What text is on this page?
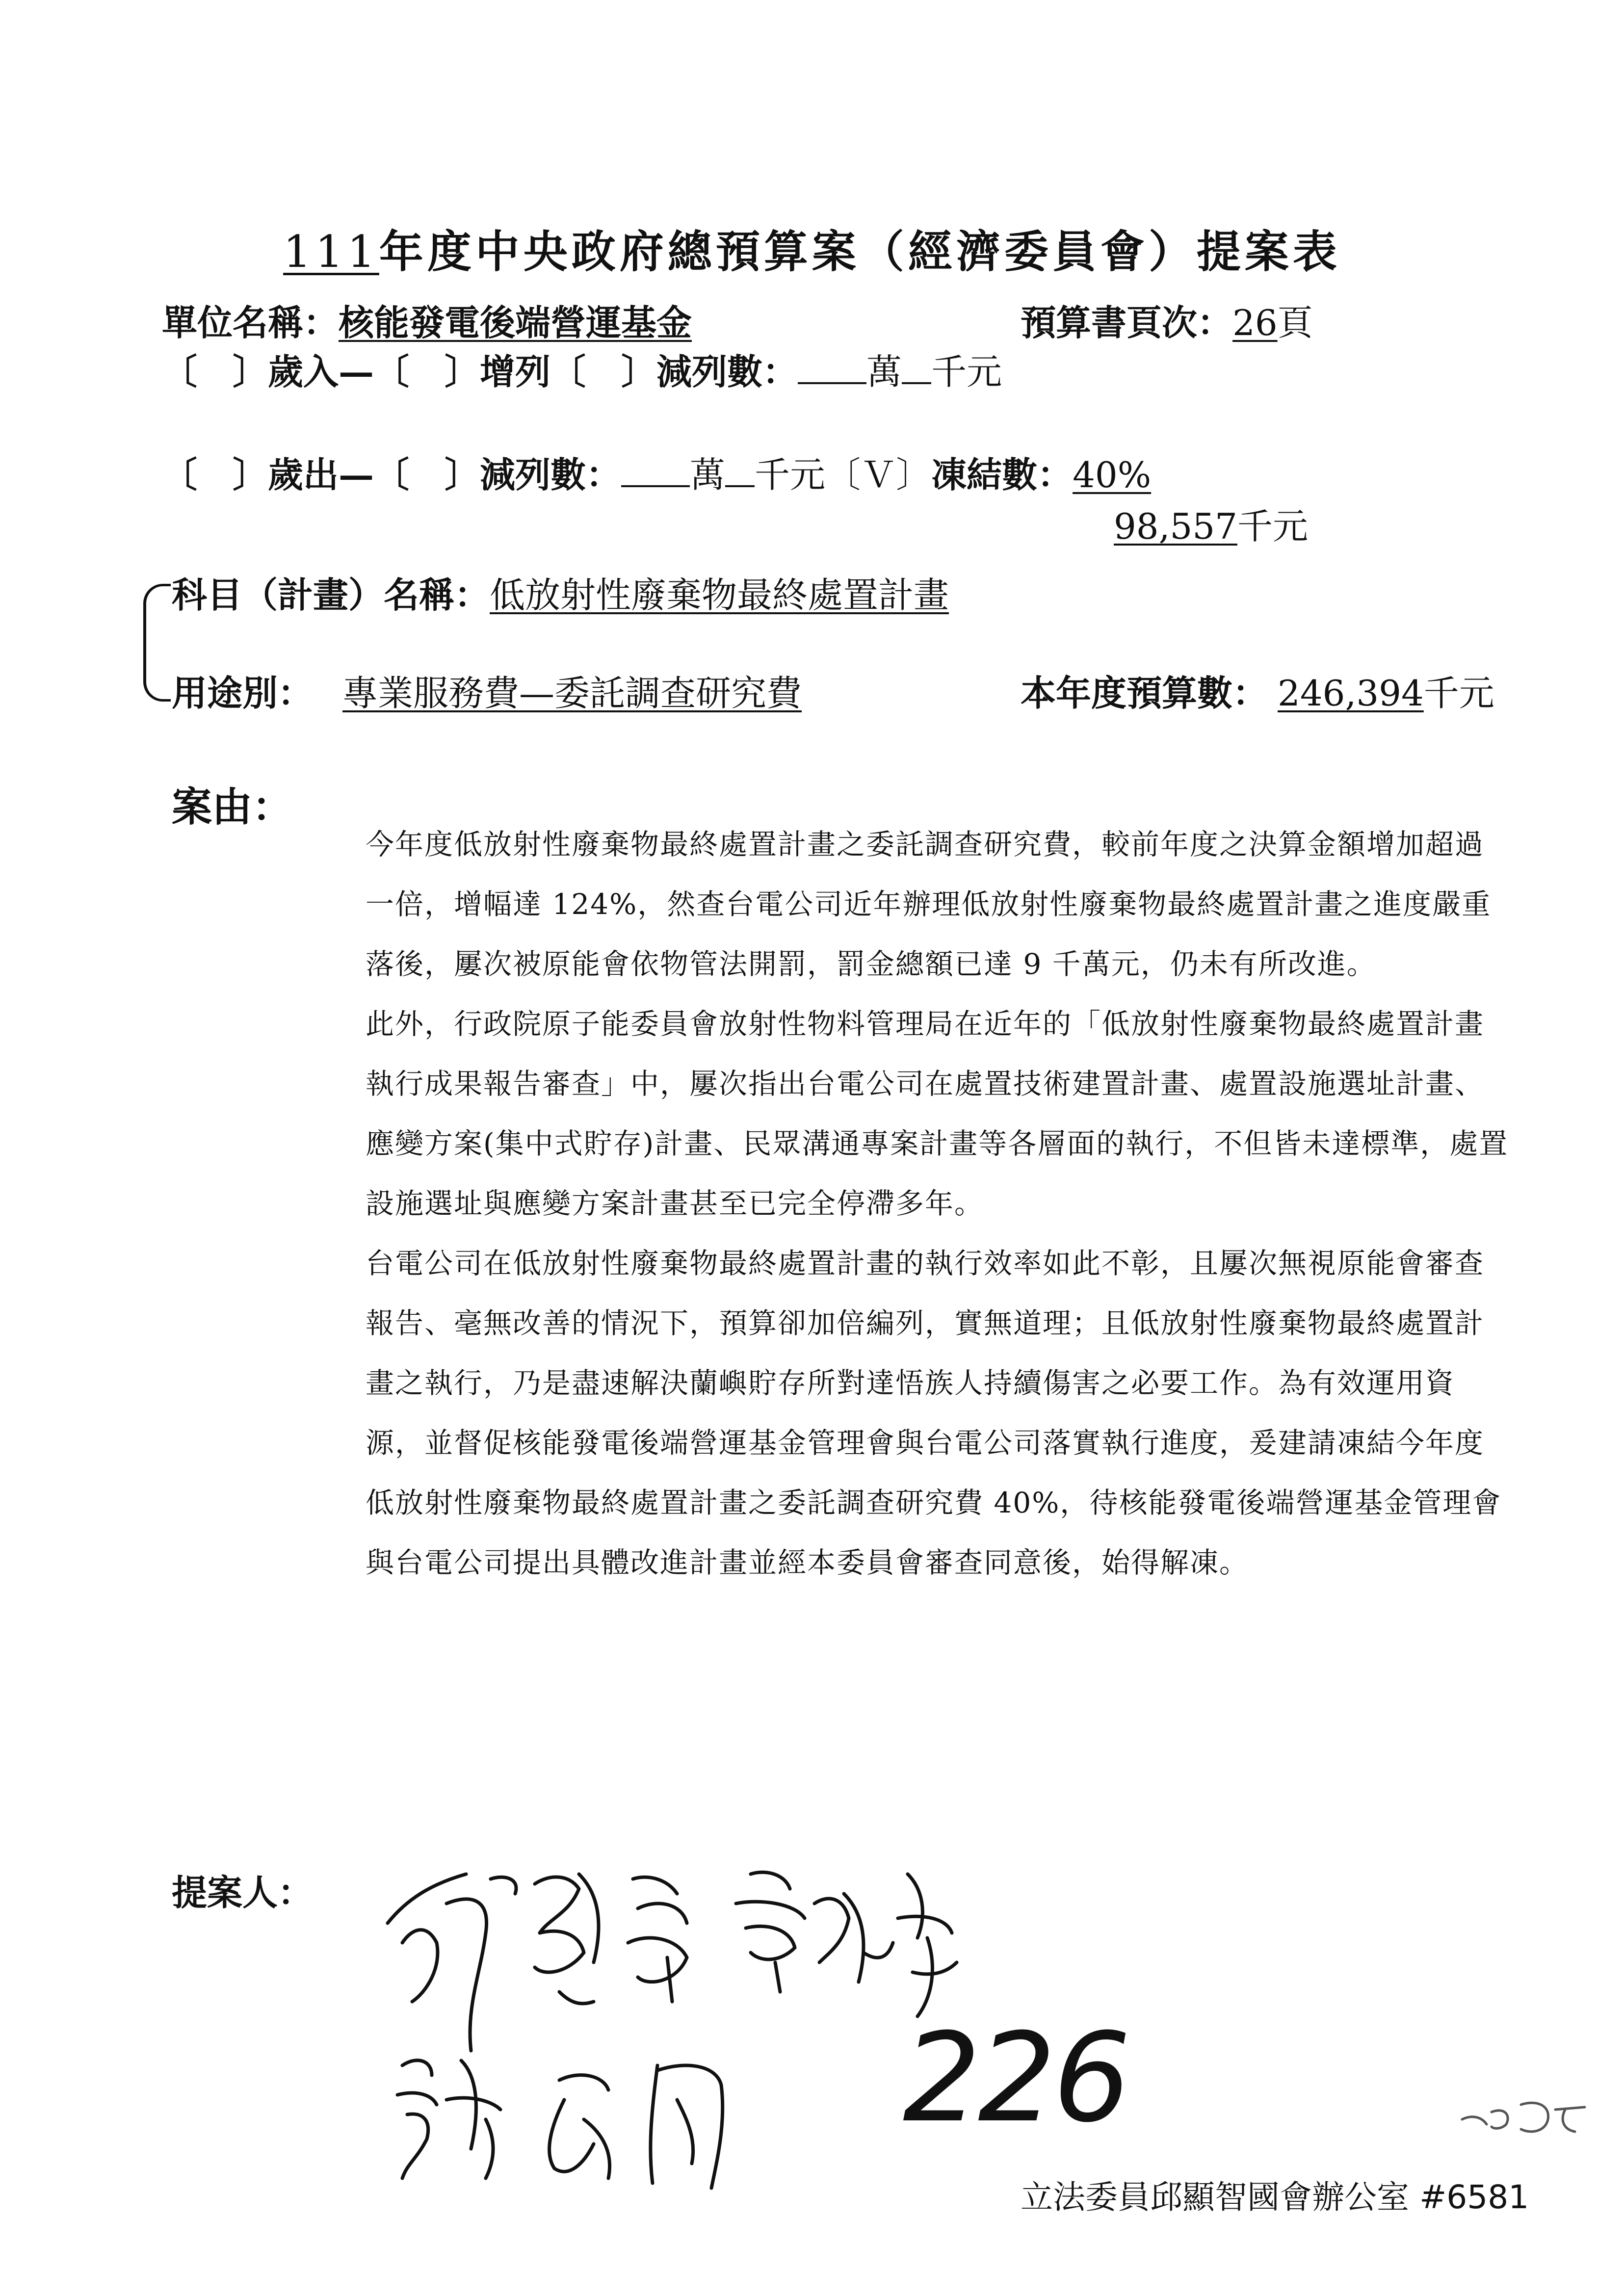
111年度中央政府總預算案（經濟委員會）提案表
單位名稱：核能發電後端營運基金	預算書頁次：26頁
〔　〕歲入—〔　〕增列〔　〕減列數： 萬 千元
〔　〕歲出—〔　〕減列數： 萬 千元〔Ｖ〕凍結數：40%
98,557千元
科目（計畫）名稱：低放射性廢棄物最終處置計畫
用途別： 專業服務費—委託調查研究費	本年度預算數： 246,394千元
案由：

今年度低放射性廢棄物最終處置計畫之委託調查研究費，較前年度之決算金額增加超過一倍，增幅達 124%，然查台電公司近年辦理低放射性廢棄物最終處置計畫之進度嚴重落後，屢次被原能會依物管法開罰，罰金總額已達 9 千萬元，仍未有所改進。

此外，行政院原子能委員會放射性物料管理局在近年的「低放射性廢棄物最終處置計畫執行成果報告審查」中，屢次指出台電公司在處置技術建置計畫、處置設施選址計畫、應變方案(集中式貯存)計畫、民眾溝通專案計畫等各層面的執行，不但皆未達標準，處置設施選址與應變方案計畫甚至已完全停滯多年。

台電公司在低放射性廢棄物最終處置計畫的執行效率如此不彰，且屢次無視原能會審查報告、毫無改善的情況下，預算卻加倍編列，實無道理；且低放射性廢棄物最終處置計畫之執行，乃是盡速解決蘭嶼貯存所對達悟族人持續傷害之必要工作。為有效運用資源，並督促核能發電後端營運基金管理會與台電公司落實執行進度，爰建請凍結今年度低放射性廢棄物最終處置計畫之委託調查研究費 40%，待核能發電後端營運基金管理會與台電公司提出具體改進計畫並經本委員會審查同意後，始得解凍。

提案人：
226
立法委員邱顯智國會辦公室 #6581
